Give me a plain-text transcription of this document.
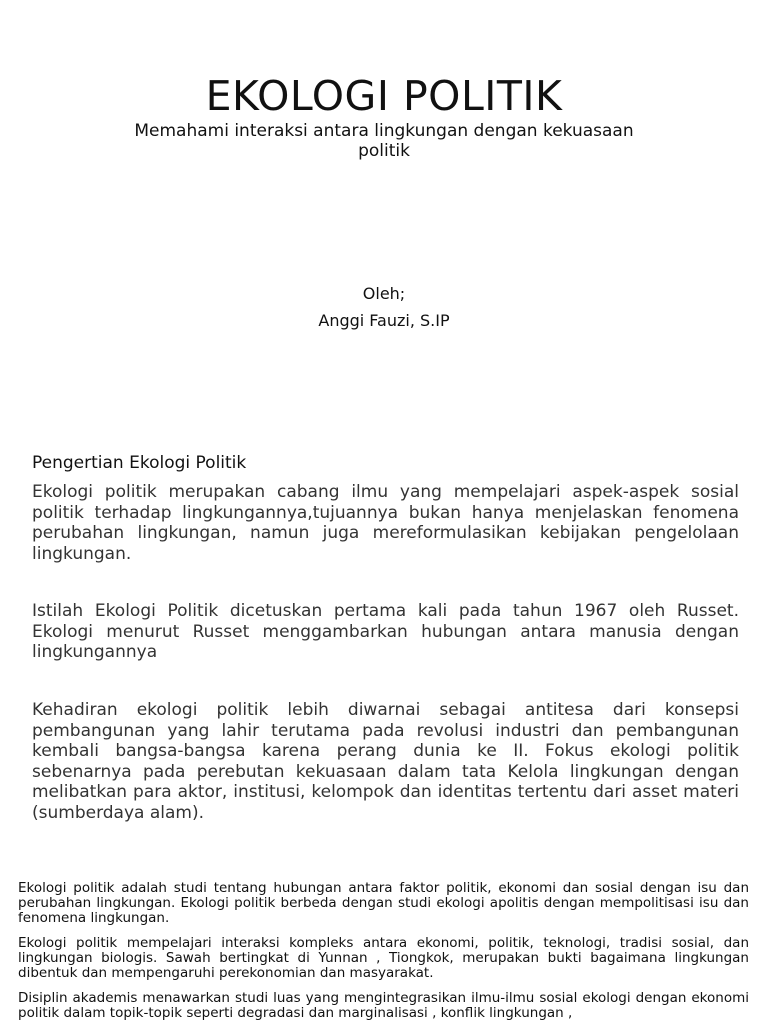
EKOLOGI POLITIK
Memahami interaksi antara lingkungan dengan kekuasaan politik
Oleh;
Anggi Fauzi, S.IP
Pengertian Ekologi Politik

Ekologi politik merupakan cabang ilmu yang mempelajari aspek-aspek sosial politik terhadap lingkungannya,tujuannya bukan hanya menjelaskan fenomena perubahan lingkungan, namun juga mereformulasikan kebijakan pengelolaan lingkungan.

Istilah Ekologi Politik dicetuskan pertama kali pada tahun 1967 oleh Russet. Ekologi menurut Russet menggambarkan hubungan antara manusia dengan lingkungannya

Kehadiran ekologi politik lebih diwarnai sebagai antitesa dari konsepsi pembangunan yang lahir terutama pada revolusi industri dan pembangunan kembali bangsa-bangsa karena perang dunia ke II. Fokus ekologi politik sebenarnya pada perebutan kekuasaan dalam tata Kelola lingkungan dengan melibatkan para aktor, institusi, kelompok dan identitas tertentu dari asset materi (sumberdaya alam).

Ekologi politik adalah studi tentang hubungan antara faktor politik, ekonomi dan sosial dengan isu dan perubahan lingkungan. Ekologi politik berbeda dengan studi ekologi apolitis dengan mempolitisasi isu dan fenomena lingkungan.

Ekologi politik mempelajari interaksi kompleks antara ekonomi, politik, teknologi, tradisi sosial, dan lingkungan biologis. Sawah bertingkat di Yunnan , Tiongkok, merupakan bukti bagaimana lingkungan dibentuk dan mempengaruhi perekonomian dan masyarakat.

Disiplin akademis menawarkan studi luas yang mengintegrasikan ilmu-ilmu sosial ekologi dengan ekonomi politik dalam topik-topik seperti degradasi dan marginalisasi , konflik lingkungan ,
